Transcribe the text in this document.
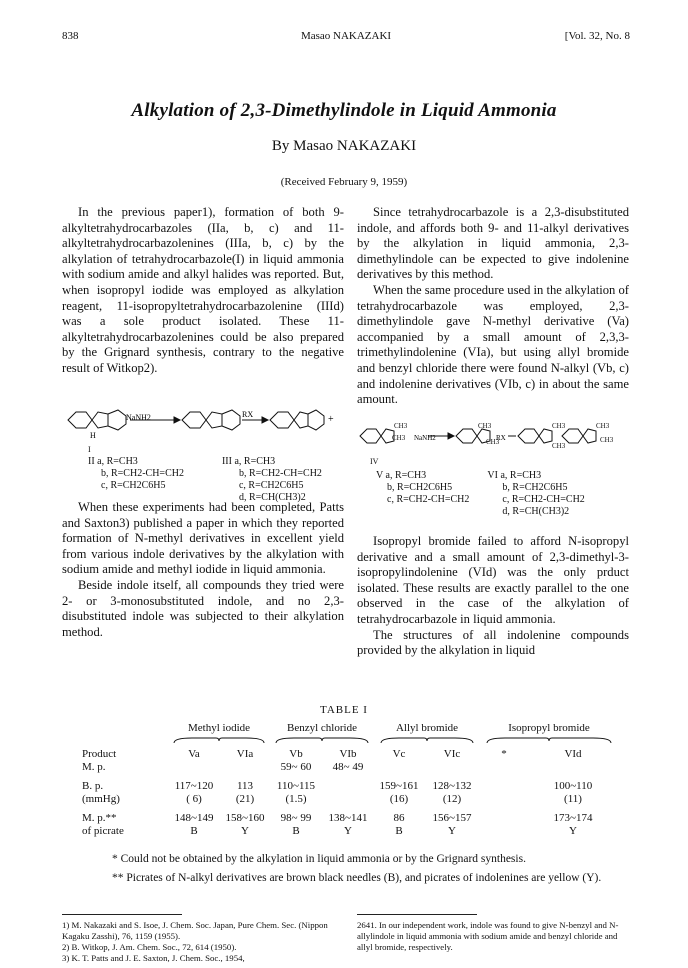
838	Masao NAKAZAKI	[Vol. 32, No. 8
Alkylation of 2,3-Dimethylindole in Liquid Ammonia
By Masao NAKAZAKI
(Received February 9, 1959)

In the previous paper1), formation of both 9-alkyltetrahydrocarbazoles (IIa, b, c) and 11-alkyltetrahydrocarbazolenines (IIIa, b, c) by the alkylation of tetrahydrocarbazole(I) in liquid ammonia with sodium amide and alkyl halides was reported. But, when isopropyl iodide was employed as alkylation reagent, 11-isopropyltetrahydrocarbazolenine (IIId) was a sole product isolated. These 11-alkyltetrahydrocarbazolenines could be also prepared by the Grignard synthesis, contrary to the negative result of Witkop2).

H
NaNH2	RX	+
I
II a, R=CH3
b, R=CH2-CH=CH2
c, R=CH2C6H5
III a, R=CH3
b, R=CH2-CH=CH2
c, R=CH2C6H5
d, R=CH(CH3)2

When these experiments had been completed, Patts and Saxton3) published a paper in which they reported formation of N-methyl derivatives in excellent yield from various indole derivatives by the alkylation with sodium amide and methyl iodide in liquid ammonia.

Beside indole itself, all compounds they tried were 2- or 3-monosubstituted indole, and no 2,3-disubstituted indole was subjected to their alkylation method.

Since tetrahydrocarbazole is a 2,3-disubstituted indole, and affords both 9- and 11-alkyl derivatives by the alkylation in liquid ammonia, 2,3-dimethylindole can be expected to give indolenine derivatives by this method.

When the same procedure used in the alkylation of tetrahydrocarbazole was employed, 2,3-dimethylindole gave N-methyl derivative (Va) accompanied by a small amount of 2,3,3-trimethylindolenine (VIa), but using allyl bromide and benzyl chloride there were found N-alkyl (Vb, c) and indolenine derivatives (VIb, c) in about the same amount.

CH3
CH3
CH3
CH3
CH3	CH3
CH3
CH3
NaNH2	RX
IV
V a, R=CH3
b, R=CH2C6H5
c, R=CH2-CH=CH2
VI a, R=CH3
b, R=CH2C6H5
c, R=CH2-CH=CH2
d, R=CH(CH3)2

Isopropyl bromide failed to afford N-isopropyl derivative and a small amount of 2,3-dimethyl-3-isopropylindolenine (VId) was the only prduct isolated. These results are exactly parallel to the one observed in the case of the alkylation of tetrahydrocarbazole in liquid ammonia.

The structures of all indolenine compounds provided by the alkylation in liquid

TABLE I
	Methyl iodide		Benzyl chloride		Allyl bromide		Isopropyl bromide	

Product	Va	VIa	Vb	VIb	Vc	VIc	*	VId
M. p.			59~ 60	48~ 49				

B. p.	117~120	113	110~115		159~161	128~132		100~110
(mmHg)	( 6)	(21)	(1.5)		(16)	(12)		(11)

M. p.**	148~149	158~160	98~ 99	138~141	86	156~157		173~174
of picrate	B	Y	B	Y	B	Y		Y
* Could not be obtained by the alkylation in liquid ammonia or by the Grignard synthesis.
** Picrates of N-alkyl derivatives are brown black needles (B), and picrates of indolenines are yellow (Y).
1) M. Nakazaki and S. Isoe, J. Chem. Soc. Japan, Pure Chem. Sec. (Nippon Kagaku Zasshi), 76, 1159 (1955).
2) B. Witkop, J. Am. Chem. Soc., 72, 614 (1950).
3) K. T. Patts and J. E. Saxton, J. Chem. Soc., 1954,
2641. In our independent work, indole was found to give N-benzyl and N-allylindole in liquid ammonia with sodium amide and benzyl chloride and allyl bromide, respectively.
